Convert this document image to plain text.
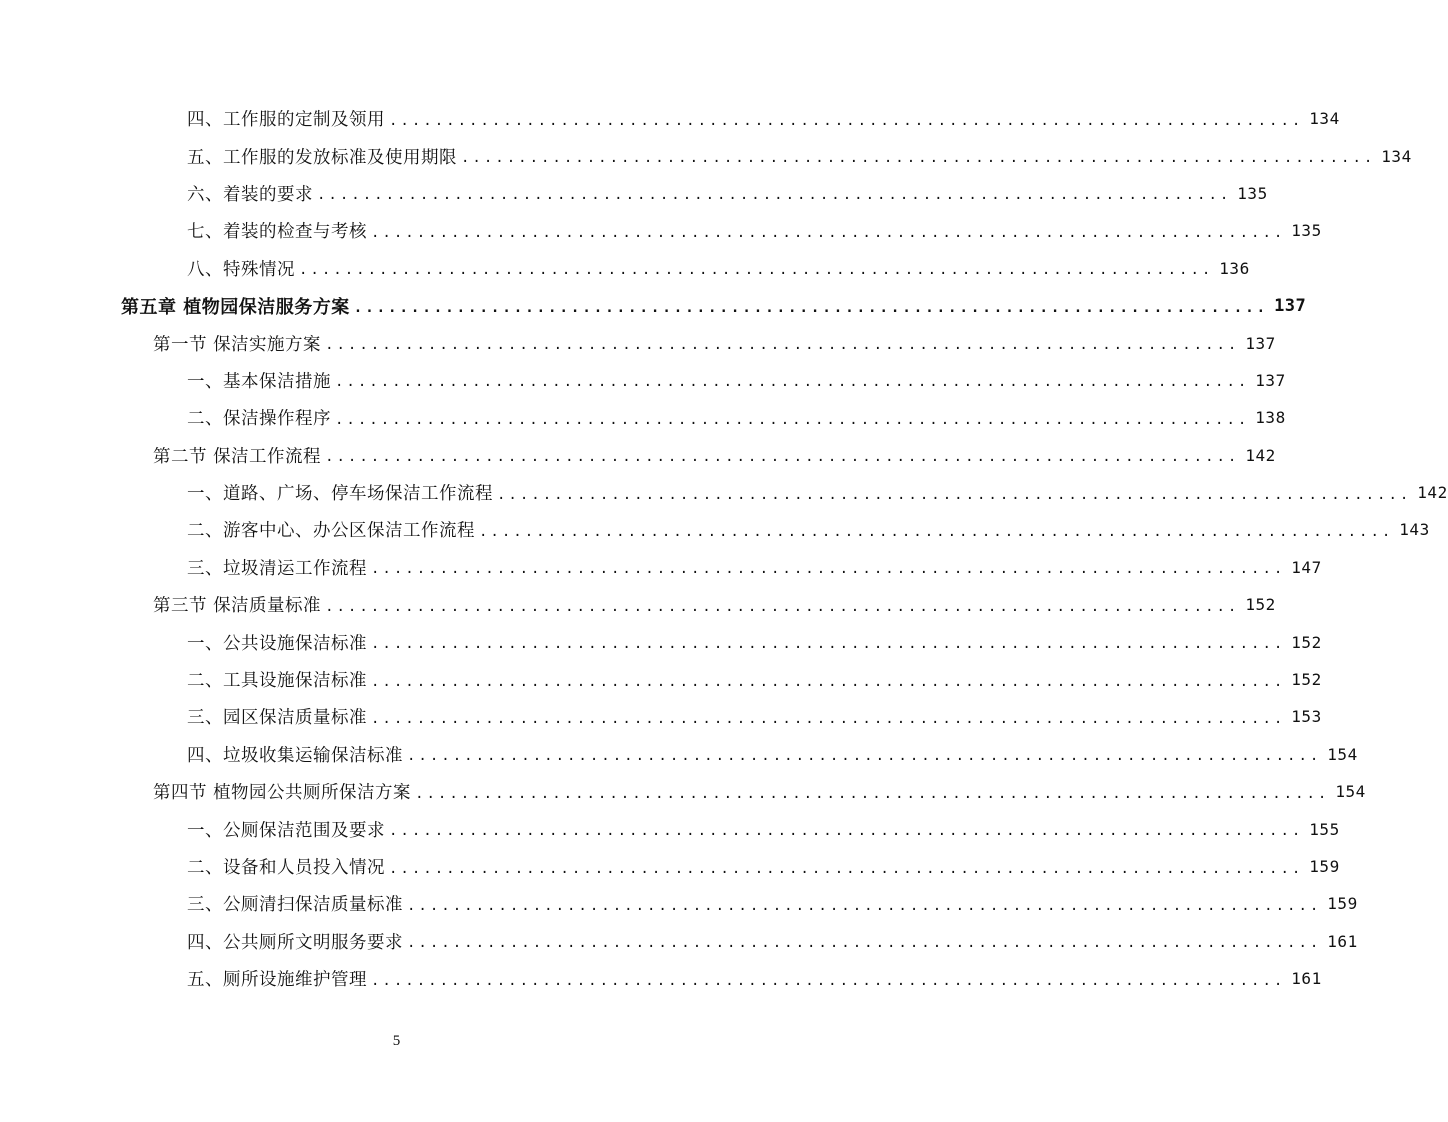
四、工作服的定制及领用 ................................................................................ 134
五、工作服的发放标准及使用期限 ................................................................................ 134
六、着装的要求 ................................................................................ 135
七、着装的检查与考核 ................................................................................ 135
八、特殊情况 ................................................................................ 136
第五章 植物园保洁服务方案 ................................................................................ 137
第一节 保洁实施方案 ................................................................................ 137
一、基本保洁措施 ................................................................................ 137
二、保洁操作程序 ................................................................................ 138
第二节 保洁工作流程 ................................................................................ 142
一、道路、广场、停车场保洁工作流程 ................................................................................ 142
二、游客中心、办公区保洁工作流程 ................................................................................ 143
三、垃圾清运工作流程 ................................................................................ 147
第三节 保洁质量标准 ................................................................................ 152
一、公共设施保洁标准 ................................................................................ 152
二、工具设施保洁标准 ................................................................................ 152
三、园区保洁质量标准 ................................................................................ 153
四、垃圾收集运输保洁标准 ................................................................................ 154
第四节 植物园公共厕所保洁方案 ................................................................................ 154
一、公厕保洁范围及要求 ................................................................................ 155
二、设备和人员投入情况 ................................................................................ 159
三、公厕清扫保洁质量标准 ................................................................................ 159
四、公共厕所文明服务要求 ................................................................................ 161
五、厕所设施维护管理 ................................................................................ 161
5
